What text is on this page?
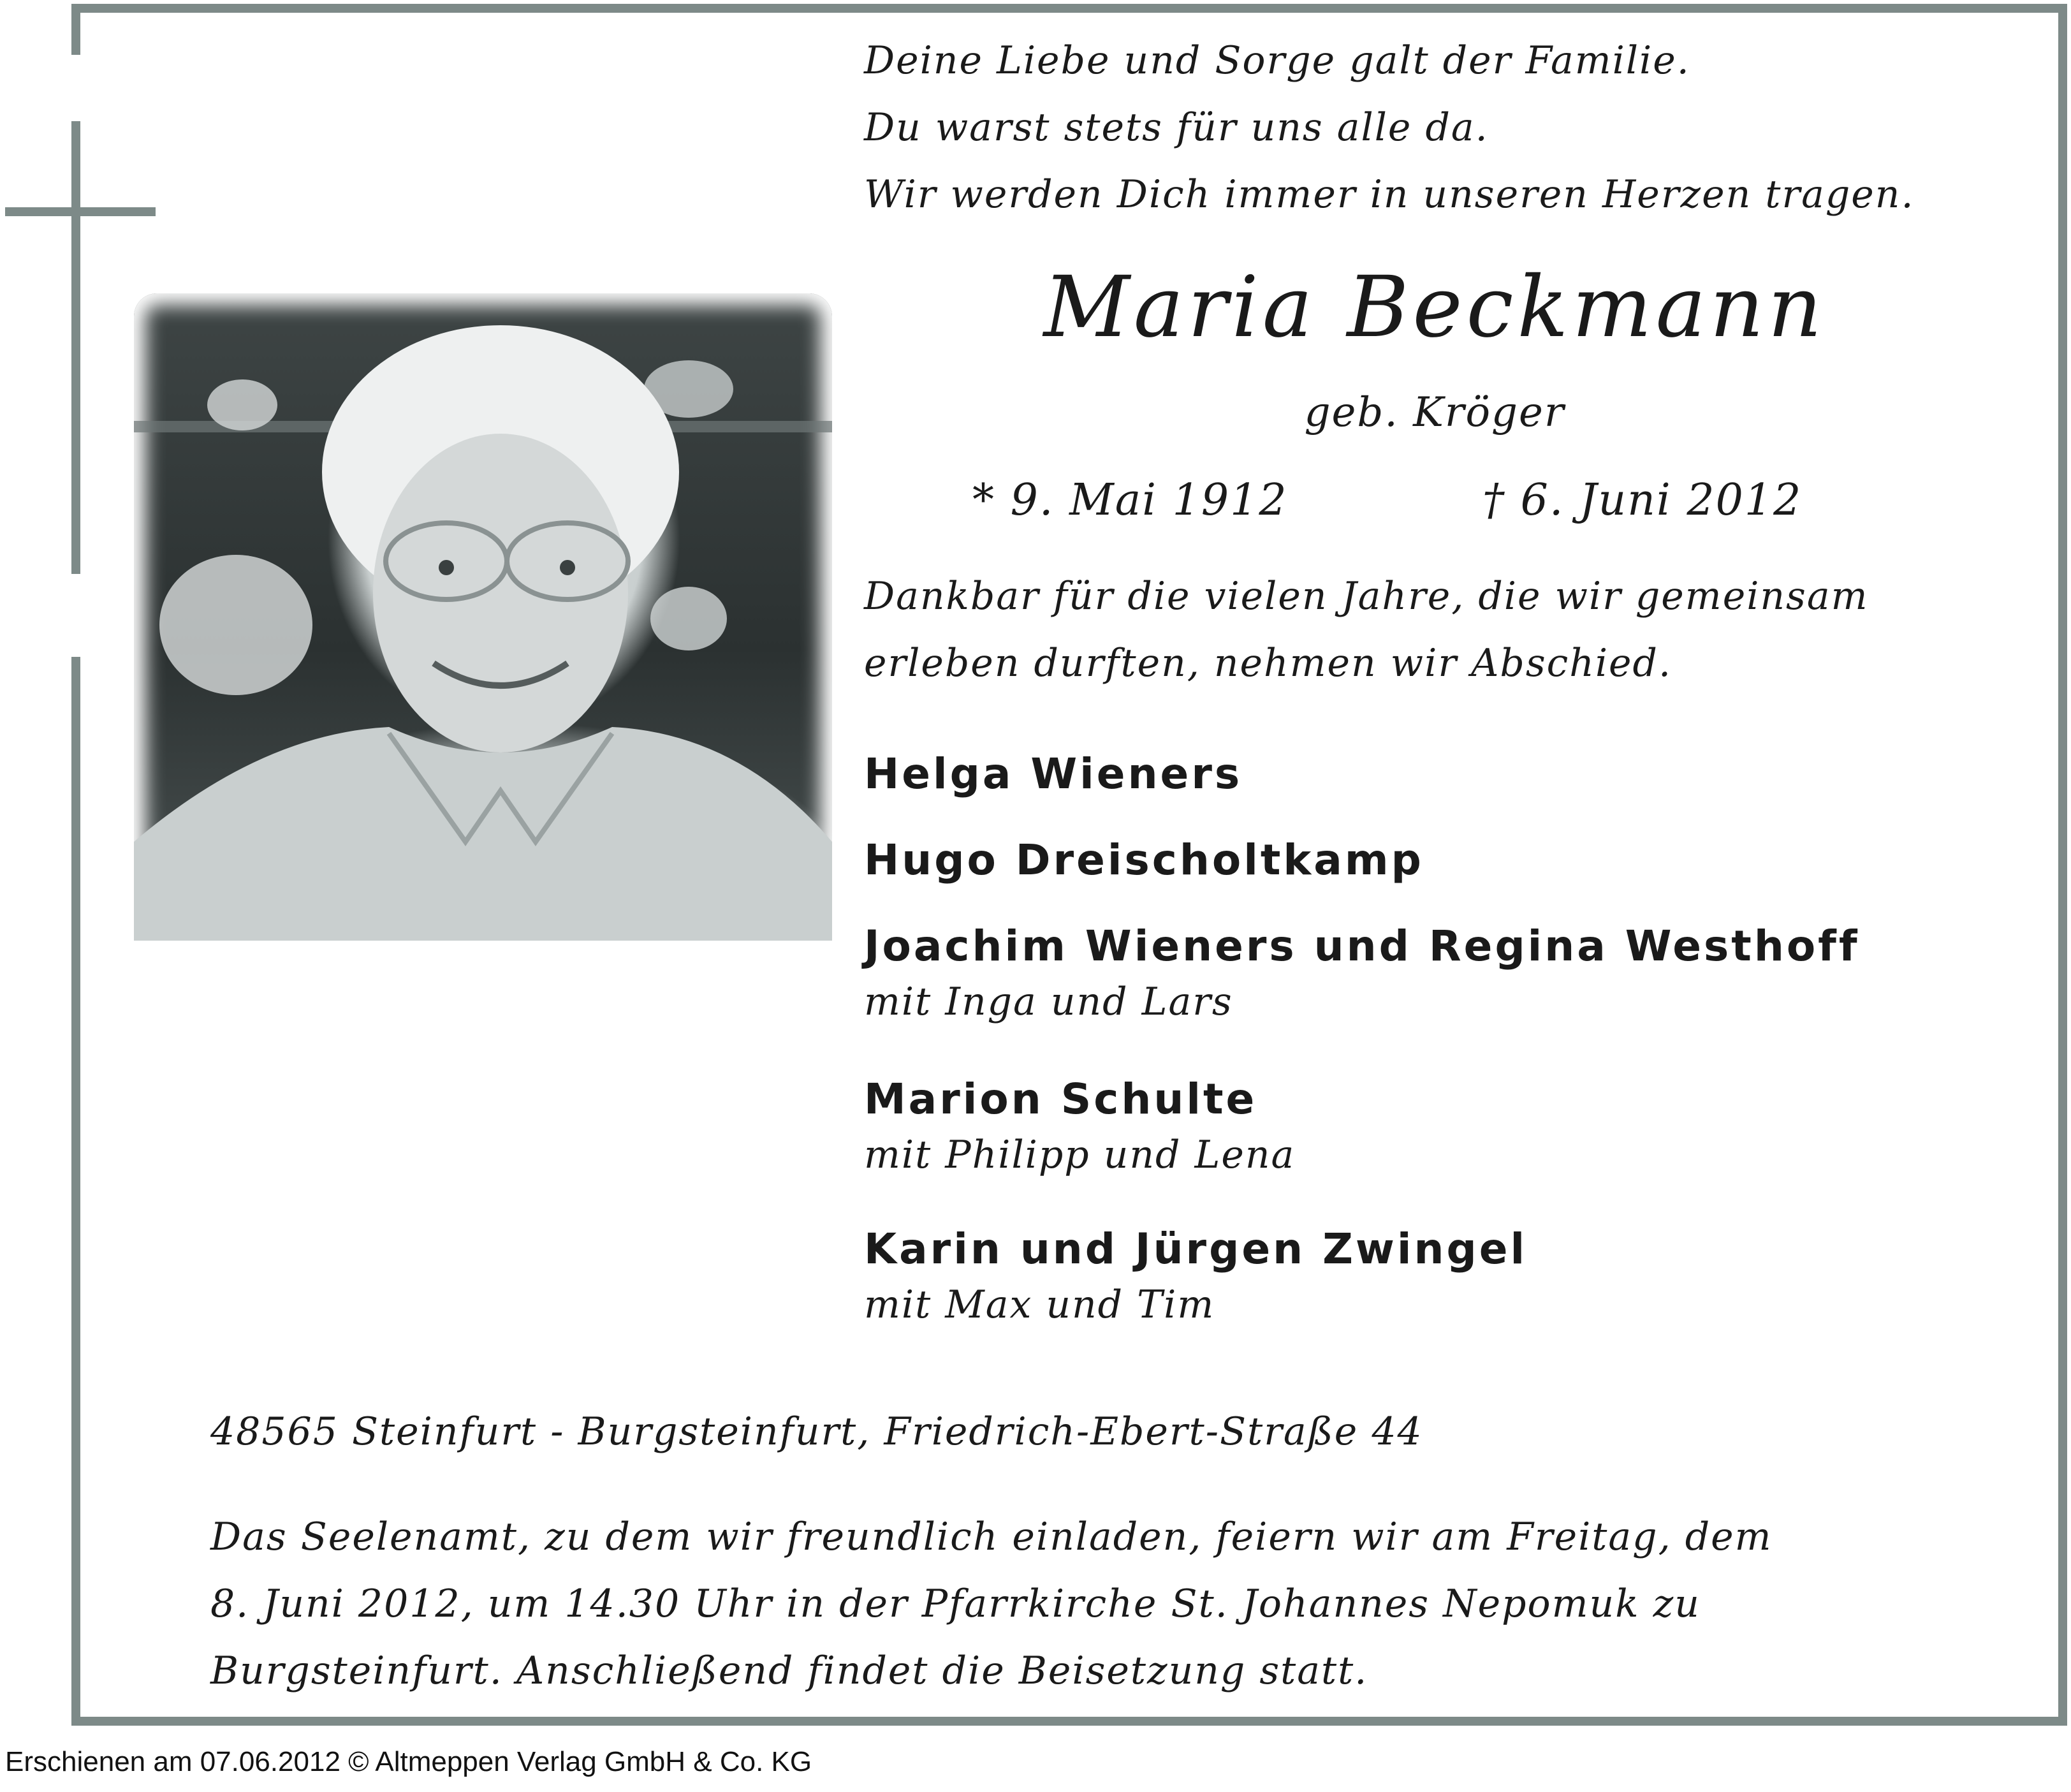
Deine Liebe und Sorge galt der Familie.
Du warst stets für uns alle da.
Wir werden Dich immer in unseren Herzen tragen.
Maria Beckmann
geb. Kröger
* 9. Mai 1912	† 6. Juni 2012
Dankbar für die vielen Jahre, die wir gemeinsam
erleben durften, nehmen wir Abschied.
Helga Wieners
Hugo Dreischoltkamp
Joachim Wieners und Regina Westhoff
mit Inga und Lars
Marion Schulte
mit Philipp und Lena
Karin und Jürgen Zwingel
mit Max und Tim
48565 Steinfurt - Burgsteinfurt, Friedrich-Ebert-Straße 44
Das Seelenamt, zu dem wir freundlich einladen, feiern wir am Freitag, dem
8. Juni 2012, um 14.30 Uhr in der Pfarrkirche St. Johannes Nepomuk zu
Burgsteinfurt. Anschließend findet die Beisetzung statt.
Erschienen am 07.06.2012 © Altmeppen Verlag GmbH & Co. KG
